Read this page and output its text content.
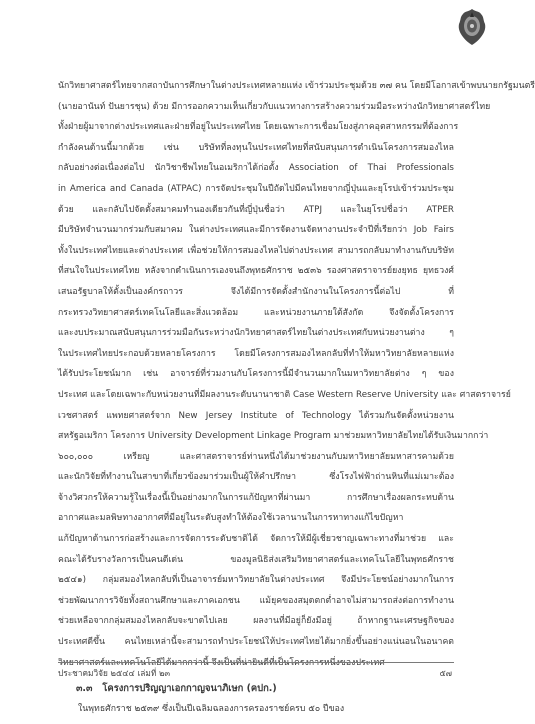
นักวิทยาศาสตร์ไทยจากสถาบันการศึกษาในต่างประเทศหลายแห่ง เข้าร่วมประชุมด้วย ๓๗ คน โดยมีโอกาสเข้าพบนายกรัฐมนตรี
(นายอานันท์ ปันยารชุน) ด้วย มีการออกความเห็นเกี่ยวกับแนวทางการสร้างความร่วมมือระหว่างนักวิทยาศาสตร์ไทย
ทั้งฝ่ายผู้มาจากต่างประเทศและฝ่ายที่อยู่ในประเทศไทย โดยเฉพาะการเชื่อมโยงสู่ภาคอุตสาหกรรมที่ต้องการ
กำลังคนด้านนี้มากด้วย เช่น บริษัทที่ลงทุนในประเทศไทยที่สนับสนุนการดำเนินโครงการสมองไหล
กลับอย่างต่อเนื่องต่อไป นักวิชาชีพไทยในอเมริกาได้ก่อตั้ง Association of Thai Professionals
in America and Canada (ATPAC) การจัดประชุมในปีถัดไปมีคนไทยจากญี่ปุ่นและยุโรปเข้าร่วมประชุม
ด้วย และกลับไปจัดตั้งสมาคมทำนองเดียวกันที่ญี่ปุ่นชื่อว่า ATPJ และในยุโรปชื่อว่า ATPER
มีบริษัทจำนวนมากร่วมกับสมาคม ในต่างประเทศและมีการจัดงานจัดหางานประจำปีที่เรียกว่า Job Fairs
ทั้งในประเทศไทยและต่างประเทศ เพื่อช่วยให้การสมองไหลไปต่างประเทศ สามารถกลับมาทำงานกับบริษัท
ที่สนใจในประเทศไทย หลังจากดำเนินการเองจนถึงพุทธศักราช ๒๕๓๖ รองศาสตราจารย์ยงยุทธ ยุทธวงศ์
เสนอรัฐบาลให้ตั้งเป็นองค์กรถาวร จึงได้มีการจัดตั้งสำนักงานในโครงการนี้ต่อไป ที่
กระทรวงวิทยาศาสตร์เทคโนโลยีและสิ่งแวดล้อม และหน่วยงานภายใต้สังกัด จึงจัดตั้งโครงการ
และงบประมาณสนับสนุนการร่วมมือกันระหว่างนักวิทยาศาสตร์ไทยในต่างประเทศกับหน่วยงานต่าง ๆ
ในประเทศไทยประกอบด้วยหลายโครงการ โดยมีโครงการสมองไหลกลับที่ทำให้มหาวิทยาลัยหลายแห่ง
ได้รับประโยชน์มาก เช่น อาจารย์ที่ร่วมงานกับโครงการนี้มีจำนวนมากในมหาวิทยาลัยต่าง ๆ ของ
ประเทศ และโดยเฉพาะกับหน่วยงานที่มีผลงานระดับนานาชาติ Case Western Reserve University และ ศาสตราจารย์
เวชศาสตร์ แพทยศาสตร์จาก New Jersey Institute of Technology ได้รวมกันจัดตั้งหน่วยงาน
สหรัฐอเมริกา โครงการ University Development Linkage Program มาช่วยมหาวิทยาลัยไทยได้รับเงินมากกว่า
๖๐๐,๐๐๐ เหรียญ และศาสตราจารย์ท่านหนึ่งได้มาช่วยงานกับมหาวิทยาลัยมหาสารคามด้วย
และนักวิจัยที่ทำงานในสาขาที่เกี่ยวข้องมาร่วมเป็นผู้ให้คำปรึกษา ซึ่งโรงไฟฟ้าถ่านหินที่แม่เมาะต้อง
จ้างวิศวกรให้ความรู้ในเรื่องนี้เป็นอย่างมากในการแก้ปัญหาที่ผ่านมา การศึกษาเรื่องผลกระทบด้าน
อากาศและมลพิษทางอากาศที่มีอยู่ในระดับสูงทำให้ต้องใช้เวลานานในการหาทางแก้ไขปัญหา
แก้ปัญหาด้านการก่อสร้างและการจัดการระดับชาติได้ จัดการให้มีผู้เชี่ยวชาญเฉพาะทางที่มาช่วย และ
คณะได้รับรางวัลการเป็นคนดีเด่น ของมูลนิธิส่งเสริมวิทยาศาสตร์และเทคโนโลยีในพุทธศักราช
๒๕๔๑) กลุ่มสมองไหลกลับที่เป็นอาจารย์มหาวิทยาลัยในต่างประเทศ จึงมีประโยชน์อย่างมากในการ
ช่วยพัฒนาการวิจัยทั้งสถานศึกษาและภาคเอกชน แม้ยุคของสมุดตกต่ำอาจไม่สามารถส่งต่อการทำงาน
ช่วยเหลือจากกลุ่มสมองไหลกลับจะขาดไปเลย ผลงานที่มีอยู่ก็ยังมีอยู่ ถ้าหากฐานะเศรษฐกิจของ
ประเทศดีขึ้น คนไทยเหล่านี้จะสามารถทำประโยชน์ให้ประเทศไทยได้มากยิ่งขึ้นอย่างแน่นอนในอนาคต
วิทยาศาสตร์และเทคโนโลยีได้มากกว่านี้ จึงเป็นที่น่ายินดีที่เป็นโครงการหนึ่งของประเทศ
๓.๓ โครงการปริญญาเอกกาญจนาภิเษก (คปก.)
ในพุทธศักราช ๒๕๓๙ ซึ่งเป็นปีเฉลิมฉลองการครองราชย์ครบ ๕๐ ปีของ
ประชาคมวิจัย ๒๕๔๔ เล่มที่ ๒๓	๕๗
